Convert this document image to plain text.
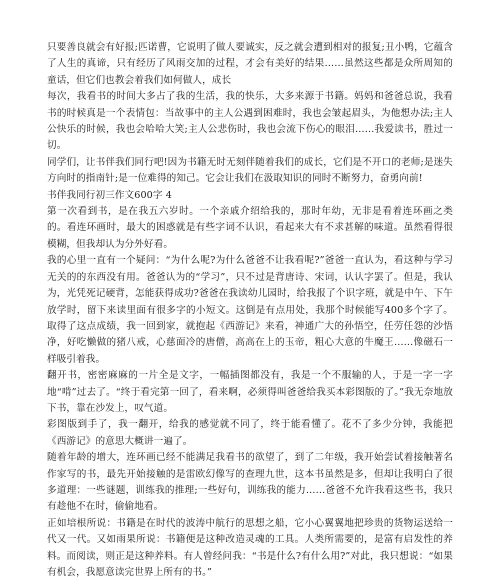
只要善良就会有好报;匹诺曹，它说明了做人要诚实，反之就会遭到相对的报复;丑小鸭，它蕴含了人生的真谛，只有经历了风雨交加的过程，才会有美好的结果……虽然这些都是众所周知的童话，但它们也教会着我们如何做人，成长

每次，我看书的时间大多占了我的生活，我的快乐，大多来源于书籍。妈妈和爸爸总说，我看书的时候真是一个表情包：当故事中的主人公遇到困难时，我也会皱起眉头，为他想办法;主人公快乐的时候，我也会哈哈大笑;主人公悲伤时，我也会流下伤心的眼泪……我爱读书，胜过一切。

同学们，让书伴我们同行吧!因为书籍无时无刻伴随着我们的成长，它们是不开口的老师;是迷失方向时的指南针;是一位难得的知己。它会让我们在汲取知识的同时不断努力，奋勇向前!

书伴我同行初三作文600字 4

第一次看到书，是在我五六岁时。一个亲戚介绍给我的，那时年幼，无非是看着连环画之类的。看连环画时，最大的困惑就是有些字词不认识，看起来大有不求甚解的味道。虽然看得很模糊，但我却认为分外好看。

我的心里一直有一个疑问：“为什么呢?为什么爸爸不让我看呢?”爸爸一直认为，看这种与学习无关的的东西没有用。爸爸认为的“学习”，只不过是背唐诗、宋词，认认字罢了。但是，我认为，光凭死记硬背，怎能获得成功?爸爸在我读幼儿园时，给我报了个识字班，就是中午、下午放学时，留下来读里面有很多字的小短文。这倒是有点用处，我那个时候能写400多个字了。取得了这点成绩，我一回到家，就抱起《西游记》来看，神通广大的孙悟空，任劳任怨的沙悟净，好吃懒做的猪八戒，心慈面冷的唐僧，高高在上的玉帝，粗心大意的牛魔王……像磁石一样吸引着我。

翻开书，密密麻麻的一片全是文字，一幅插图都没有，我是一个不服输的人，于是一字一字地“啃”过去了。“终于看完第一回了，看来啊，必须得叫爸爸给我买本彩图版的了。”我无奈地放下书，靠在沙发上，叹气道。

彩图版到手了，我一翻开，给我的感觉就不同了，终于能看懂了。花不了多少分钟，我能把《西游记》的意思大概讲一遍了。

随着年龄的增大，连环画已经不能满足我看书的欲望了，到了二年级，我开始尝试着接触著名作家写的书，最先开始接触的是雷欧幻像写的查理九世，这本书虽然是多，但却让我明白了很多道理：一些谜题，训练我的推理;一些好句，训练我的能力……爸爸不允许我看这些书，我只有趁他不在时，偷偷地看。

正如培根所说：书籍是在时代的波涛中航行的思想之船，它小心翼翼地把珍贵的货物运送给一代又一代。又如雨果所说：书籍便是这种改造灵魂的工具。人类所需要的，是富有启发性的养料。而阅读，则正是这种养料。有人曾经问我：“书是什么?有什么用?”对此，我只想说：“如果有机会，我愿意读完世界上所有的书。”
